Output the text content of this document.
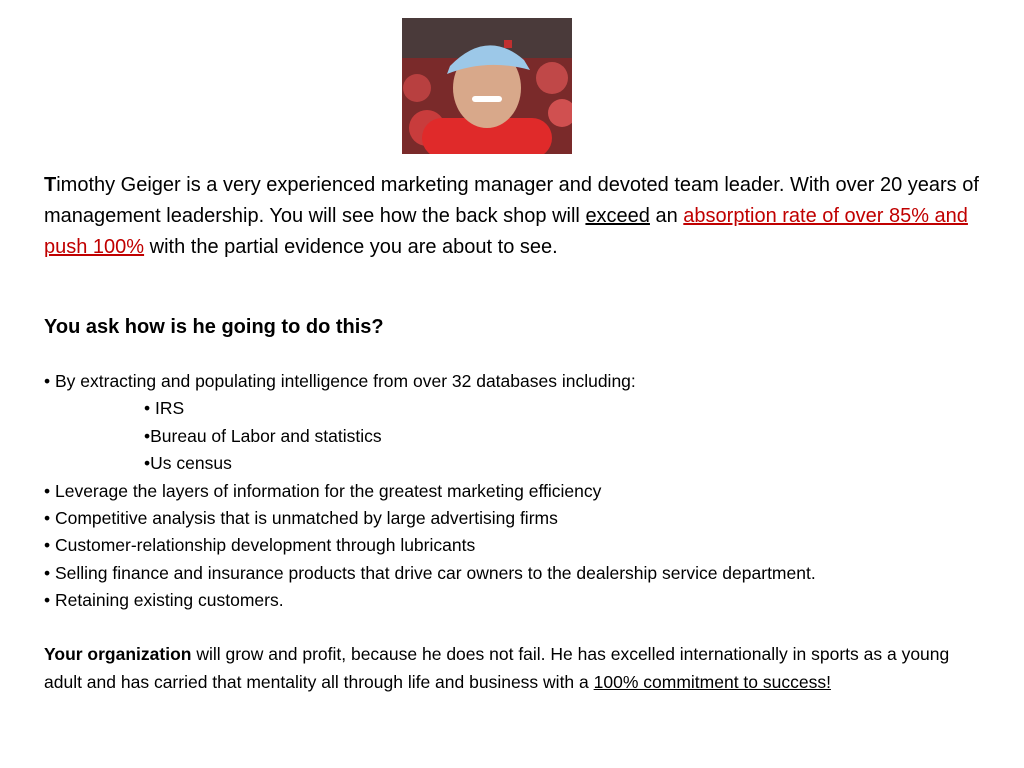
Timothy Geiger is a very experienced marketing manager and devoted team leader. With over 20 years of management leadership. You will see how the back shop will exceed an absorption rate of over 85% and push 100% with the partial evidence you are about to see.

You ask how is he going to do this?

• By extracting and populating intelligence from over 32 databases including:
• IRS
•Bureau of Labor and statistics
•Us census
• Leverage the layers of information for the greatest marketing efficiency
• Competitive analysis that is unmatched by large advertising firms
• Customer-relationship development through lubricants
• Selling finance and insurance products that drive car owners to the dealership service department.
• Retaining existing customers.

Your organization will grow and profit, because he does not fail. He has excelled internationally in sports as a young adult and has carried that mentality all through life and business with a 100% commitment to success!
